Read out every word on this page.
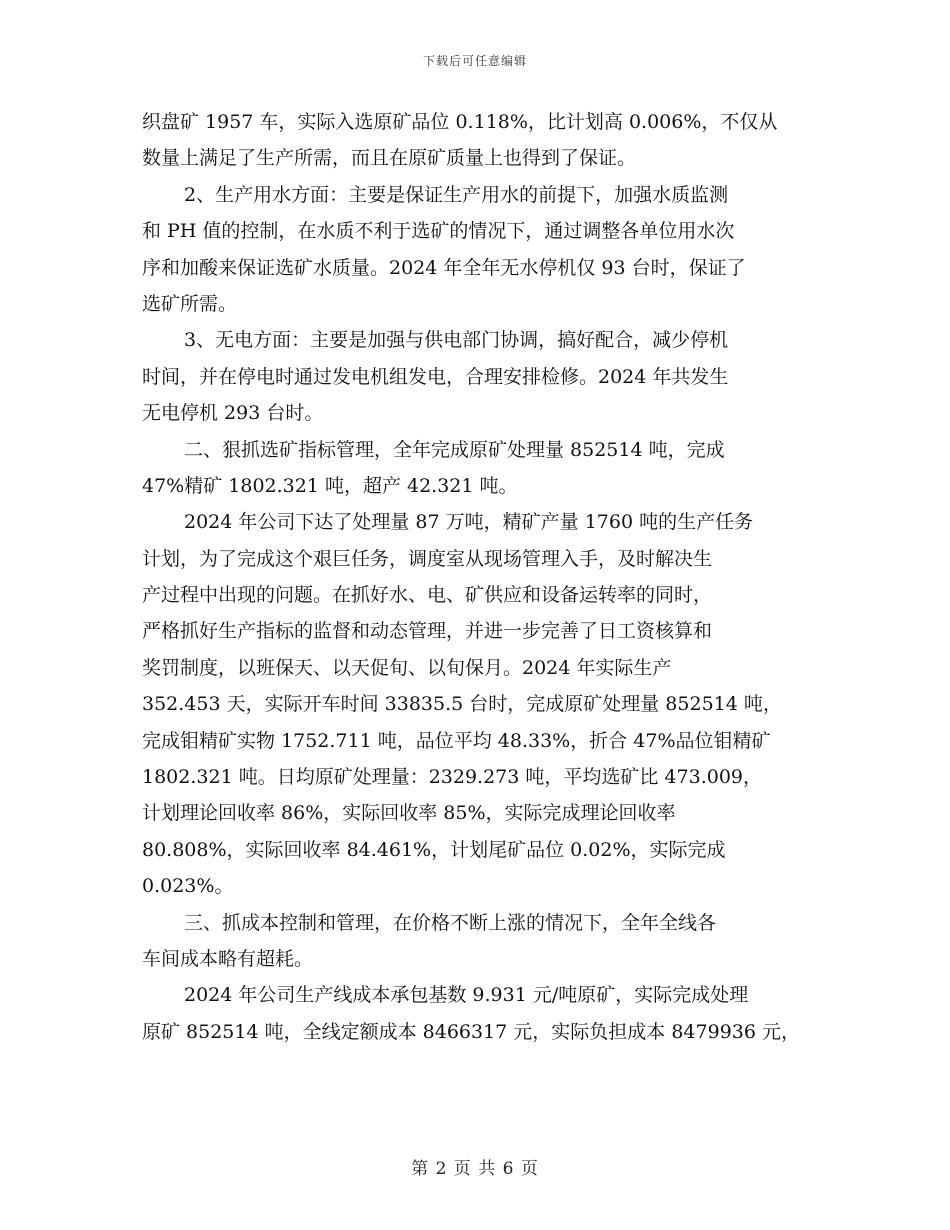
下载后可任意编辑
织盘矿 1957 车，实际入选原矿品位 0.118%，比计划高 0.006%，不仅从
数量上满足了生产所需，而且在原矿质量上也得到了保证。
2、生产用水方面：主要是保证生产用水的前提下，加强水质监测
和 PH 值的控制，在水质不利于选矿的情况下，通过调整各单位用水次
序和加酸来保证选矿水质量。2024 年全年无水停机仅 93 台时，保证了
选矿所需。
3、无电方面：主要是加强与供电部门协调，搞好配合，减少停机
时间，并在停电时通过发电机组发电，合理安排检修。2024 年共发生
无电停机 293 台时。
二、狠抓选矿指标管理，全年完成原矿处理量 852514 吨，完成
47%精矿 1802.321 吨，超产 42.321 吨。
2024 年公司下达了处理量 87 万吨，精矿产量 1760 吨的生产任务
计划，为了完成这个艰巨任务，调度室从现场管理入手，及时解决生
产过程中出现的问题。在抓好水、电、矿供应和设备运转率的同时，
严格抓好生产指标的监督和动态管理，并进一步完善了日工资核算和
奖罚制度，以班保天、以天促旬、以旬保月。2024 年实际生产
352.453 天，实际开车时间 33835.5 台时，完成原矿处理量 852514 吨，
完成钼精矿实物 1752.711 吨，品位平均 48.33%，折合 47%品位钼精矿
1802.321 吨。日均原矿处理量：2329.273 吨，平均选矿比 473.009，
计划理论回收率 86%，实际回收率 85%，实际完成理论回收率
80.808%，实际回收率 84.461%，计划尾矿品位 0.02%，实际完成
0.023%。
三、抓成本控制和管理，在价格不断上涨的情况下，全年全线各
车间成本略有超耗。
2024 年公司生产线成本承包基数 9.931 元/吨原矿，实际完成处理
原矿 852514 吨，全线定额成本 8466317 元，实际负担成本 8479936 元，
第 2 页 共 6 页
